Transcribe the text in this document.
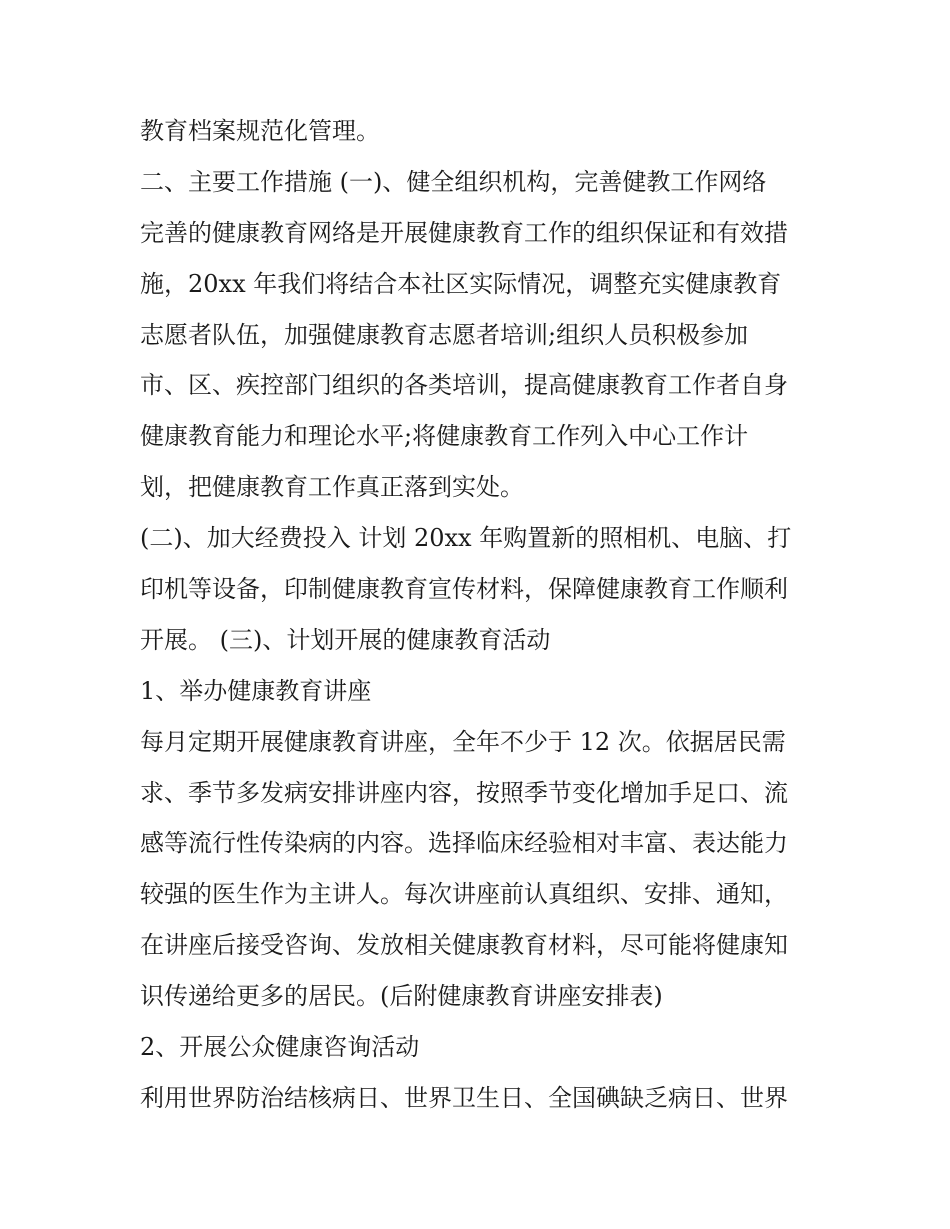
教育档案规范化管理。
二、主要工作措施 (一)、健全组织机构，完善健教工作网络
完善的健康教育网络是开展健康教育工作的组织保证和有效措
施，20xx 年我们将结合本社区实际情况，调整充实健康教育
志愿者队伍，加强健康教育志愿者培训;组织人员积极参加
市、区、疾控部门组织的各类培训，提高健康教育工作者自身
健康教育能力和理论水平;将健康教育工作列入中心工作计
划，把健康教育工作真正落到实处。
(二)、加大经费投入 计划 20xx 年购置新的照相机、电脑、打
印机等设备，印制健康教育宣传材料，保障健康教育工作顺利
开展。 (三)、计划开展的健康教育活动
1、举办健康教育讲座
每月定期开展健康教育讲座，全年不少于 12 次。依据居民需
求、季节多发病安排讲座内容，按照季节变化增加手足口、流
感等流行性传染病的内容。选择临床经验相对丰富、表达能力
较强的医生作为主讲人。每次讲座前认真组织、安排、通知，
在讲座后接受咨询、发放相关健康教育材料，尽可能将健康知
识传递给更多的居民。(后附健康教育讲座安排表)
2、开展公众健康咨询活动
利用世界防治结核病日、世界卫生日、全国碘缺乏病日、世界
